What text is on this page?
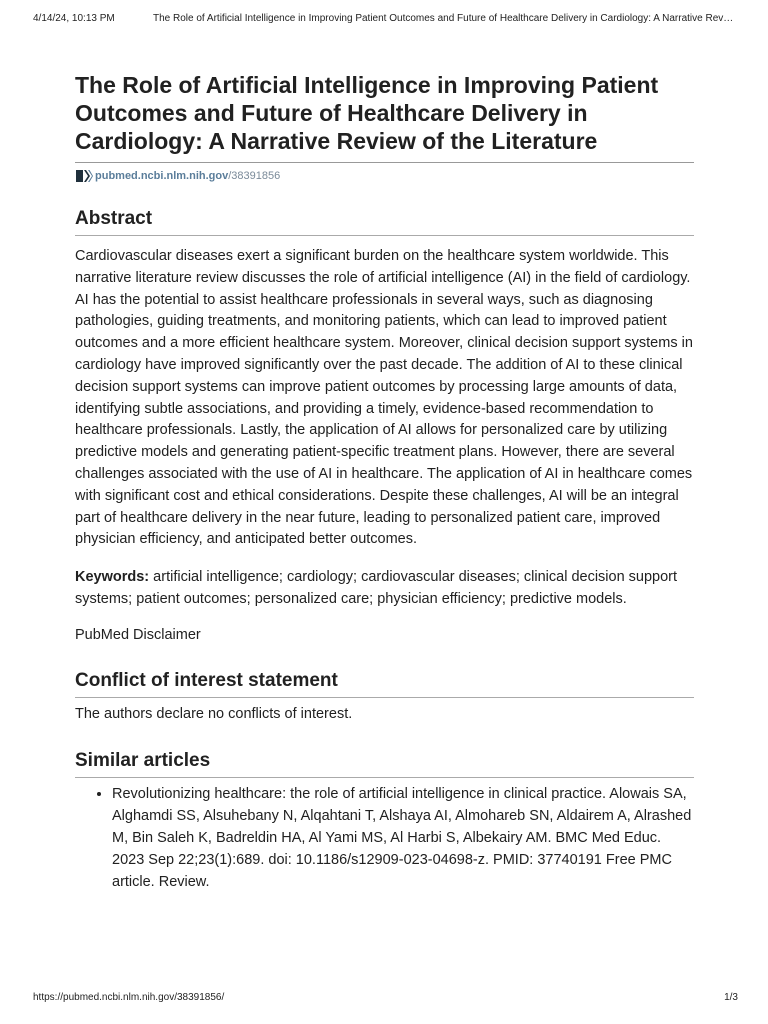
4/14/24, 10:13 PM	The Role of Artificial Intelligence in Improving Patient Outcomes and Future of Healthcare Delivery in Cardiology: A Narrative Rev…
The Role of Artificial Intelligence in Improving Patient Outcomes and Future of Healthcare Delivery in Cardiology: A Narrative Review of the Literature
pubmed.ncbi.nlm.nih.gov /38391856
Abstract

Cardiovascular diseases exert a significant burden on the healthcare system worldwide. This narrative literature review discusses the role of artificial intelligence (AI) in the field of cardiology. AI has the potential to assist healthcare professionals in several ways, such as diagnosing pathologies, guiding treatments, and monitoring patients, which can lead to improved patient outcomes and a more efficient healthcare system. Moreover, clinical decision support systems in cardiology have improved significantly over the past decade. The addition of AI to these clinical decision support systems can improve patient outcomes by processing large amounts of data, identifying subtle associations, and providing a timely, evidence-based recommendation to healthcare professionals. Lastly, the application of AI allows for personalized care by utilizing predictive models and generating patient-specific treatment plans. However, there are several challenges associated with the use of AI in healthcare. The application of AI in healthcare comes with significant cost and ethical considerations. Despite these challenges, AI will be an integral part of healthcare delivery in the near future, leading to personalized patient care, improved physician efficiency, and anticipated better outcomes.

Keywords: artificial intelligence; cardiology; cardiovascular diseases; clinical decision support systems; patient outcomes; personalized care; physician efficiency; predictive models.

PubMed Disclaimer

Conflict of interest statement

The authors declare no conflicts of interest.

Similar articles
• Revolutionizing healthcare: the role of artificial intelligence in clinical practice. Alowais SA, Alghamdi SS, Alsuhebany N, Alqahtani T, Alshaya AI, Almohareb SN, Aldairem A, Alrashed M, Bin Saleh K, Badreldin HA, Al Yami MS, Al Harbi S, Albekairy AM. BMC Med Educ. 2023 Sep 22;23(1):689. doi: 10.1186/s12909-023-04698-z. PMID: 37740191 Free PMC article. Review.
https://pubmed.ncbi.nlm.nih.gov/38391856/	1/3
